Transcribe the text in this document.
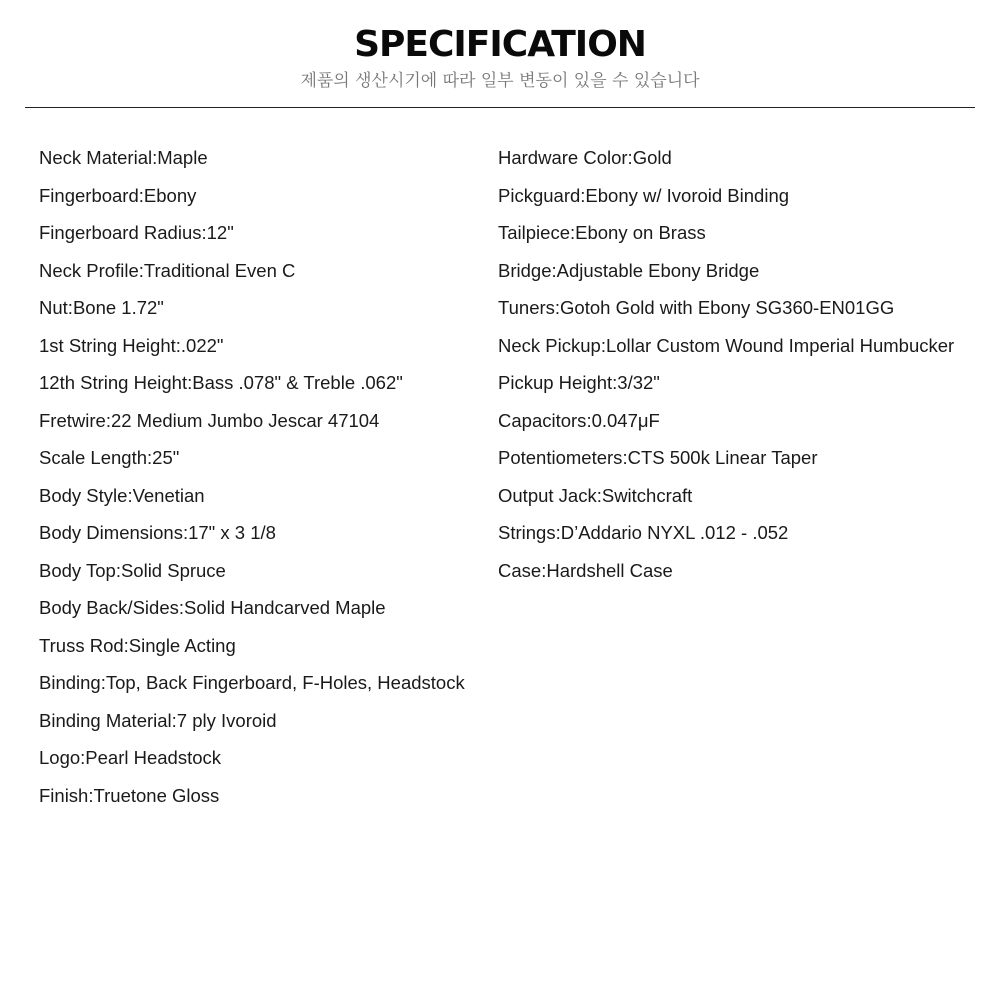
SPECIFICATION
제품의 생산시기에 따라 일부 변동이 있을 수 있습니다
Neck Material:Maple
Fingerboard:Ebony
Fingerboard Radius:12"
Neck Profile:Traditional Even C
Nut:Bone 1.72"
1st String Height:.022"
12th String Height:Bass .078" & Treble .062"
Fretwire:22 Medium Jumbo Jescar 47104
Scale Length:25"
Body Style:Venetian
Body Dimensions:17" x 3 1/8
Body Top:Solid Spruce
Body Back/Sides:Solid Handcarved Maple
Truss Rod:Single Acting
Binding:Top, Back Fingerboard, F-Holes, Headstock
Binding Material:7 ply Ivoroid
Logo:Pearl Headstock
Finish:Truetone Gloss
Hardware Color:Gold
Pickguard:Ebony w/ Ivoroid Binding
Tailpiece:Ebony on Brass
Bridge:Adjustable Ebony Bridge
Tuners:Gotoh Gold with Ebony SG360-EN01GG
Neck Pickup:Lollar Custom Wound Imperial Humbucker
Pickup Height:3/32"
Capacitors:0.047μF
Potentiometers:CTS 500k Linear Taper
Output Jack:Switchcraft
Strings:D’Addario NYXL .012 - .052
Case:Hardshell Case
